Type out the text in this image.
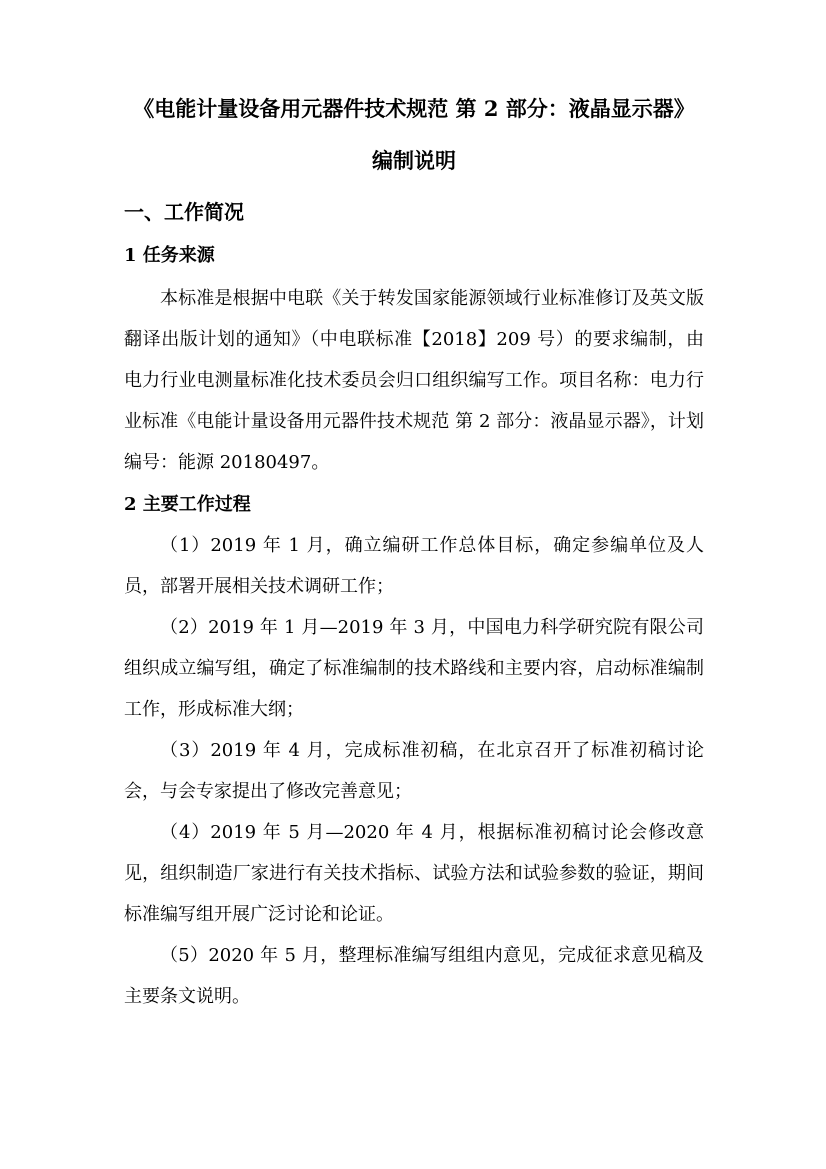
《电能计量设备用元器件技术规范 第 2 部分：液晶显示器》
编制说明
一、工作简况
1 任务来源
本标准是根据中电联《关于转发国家能源领域行业标准修订及英文版翻译出版计划的通知》（中电联标准【2018】209 号）的要求编制，由电力行业电测量标准化技术委员会归口组织编写工作。项目名称：电力行业标准《电能计量设备用元器件技术规范 第 2 部分：液晶显示器》，计划编号：能源 20180497。
2 主要工作过程
（1）2019 年 1 月，确立编研工作总体目标，确定参编单位及人员，部署开展相关技术调研工作；
（2）2019 年 1 月—2019 年 3 月，中国电力科学研究院有限公司组织成立编写组，确定了标准编制的技术路线和主要内容，启动标准编制工作，形成标准大纲；
（3）2019 年 4 月，完成标准初稿，在北京召开了标准初稿讨论会，与会专家提出了修改完善意见；
（4）2019 年 5 月—2020 年 4 月，根据标准初稿讨论会修改意见，组织制造厂家进行有关技术指标、试验方法和试验参数的验证，期间标准编写组开展广泛讨论和论证。
（5）2020 年 5 月，整理标准编写组组内意见，完成征求意见稿及主要条文说明。
